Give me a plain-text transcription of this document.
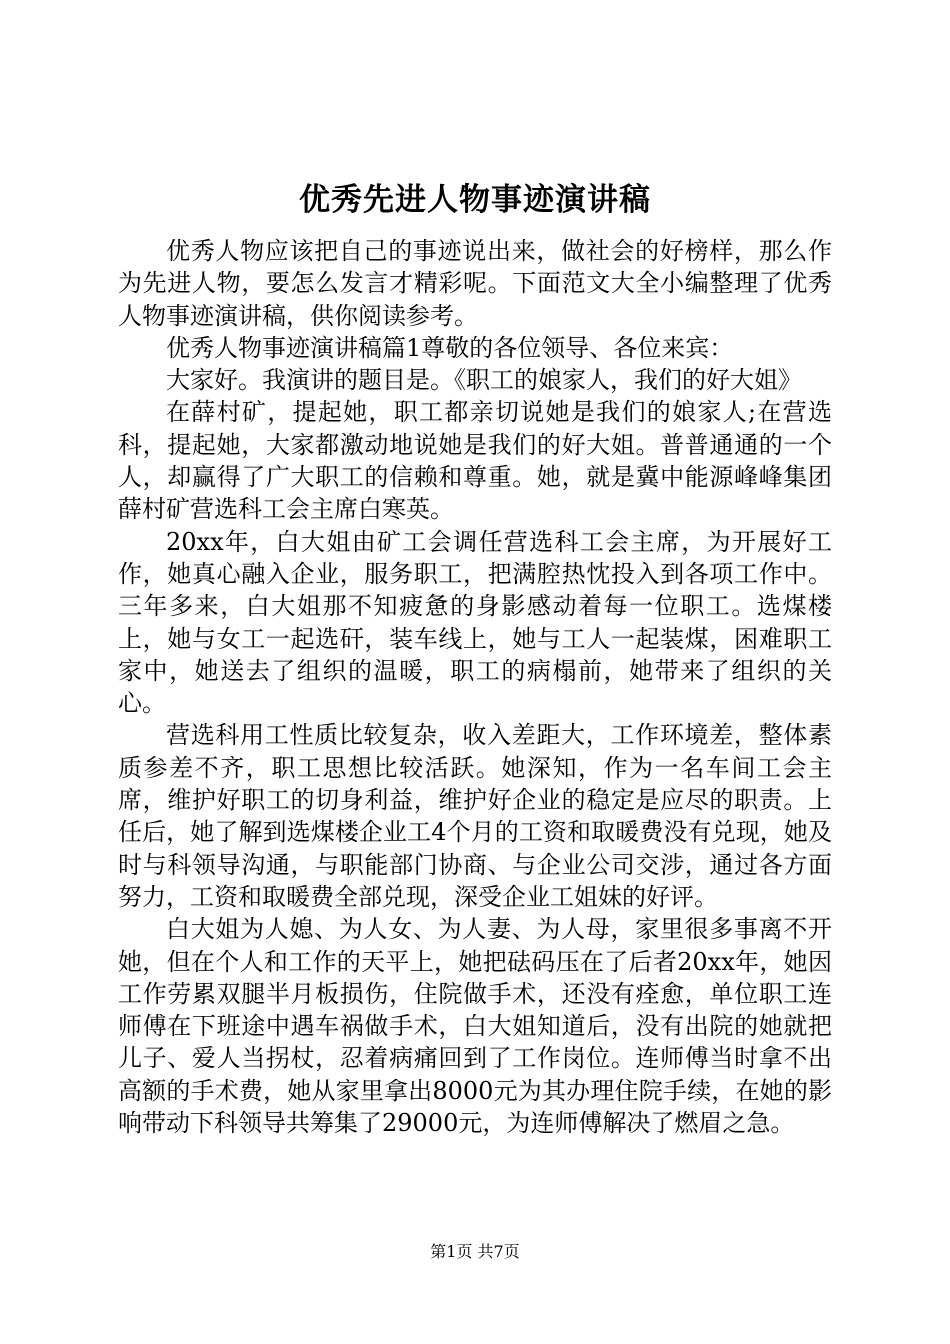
优秀先进人物事迹演讲稿

优秀人物应该把自己的事迹说出来，做社会的好榜样，那么作为先进人物，要怎么发言才精彩呢。下面范文大全小编整理了优秀人物事迹演讲稿，供你阅读参考。

优秀人物事迹演讲稿篇1尊敬的各位领导、各位来宾：

大家好。我演讲的题目是。《职工的娘家人，我们的好大姐》

在薛村矿，提起她，职工都亲切说她是我们的娘家人;在营选科，提起她，大家都激动地说她是我们的好大姐。普普通通的一个人，却赢得了广大职工的信赖和尊重。她，就是冀中能源峰峰集团薛村矿营选科工会主席白寒英。

20xx年，白大姐由矿工会调任营选科工会主席，为开展好工作，她真心融入企业，服务职工，把满腔热忱投入到各项工作中。三年多来，白大姐那不知疲惫的身影感动着每一位职工。选煤楼上，她与女工一起选矸，装车线上，她与工人一起装煤，困难职工家中，她送去了组织的温暖，职工的病榻前，她带来了组织的关心。

营选科用工性质比较复杂，收入差距大，工作环境差，整体素质参差不齐，职工思想比较活跃。她深知，作为一名车间工会主席，维护好职工的切身利益，维护好企业的稳定是应尽的职责。上任后，她了解到选煤楼企业工4个月的工资和取暖费没有兑现，她及时与科领导沟通，与职能部门协商、与企业公司交涉，通过各方面努力，工资和取暖费全部兑现，深受企业工姐妹的好评。

白大姐为人媳、为人女、为人妻、为人母，家里很多事离不开她，但在个人和工作的天平上，她把砝码压在了后者20xx年，她因工作劳累双腿半月板损伤，住院做手术，还没有痊愈，单位职工连师傅在下班途中遇车祸做手术，白大姐知道后，没有出院的她就把儿子、爱人当拐杖，忍着病痛回到了工作岗位。连师傅当时拿不出高额的手术费，她从家里拿出8000元为其办理住院手续，在她的影响带动下科领导共筹集了29000元，为连师傅解决了燃眉之急。

第1页 共7页
